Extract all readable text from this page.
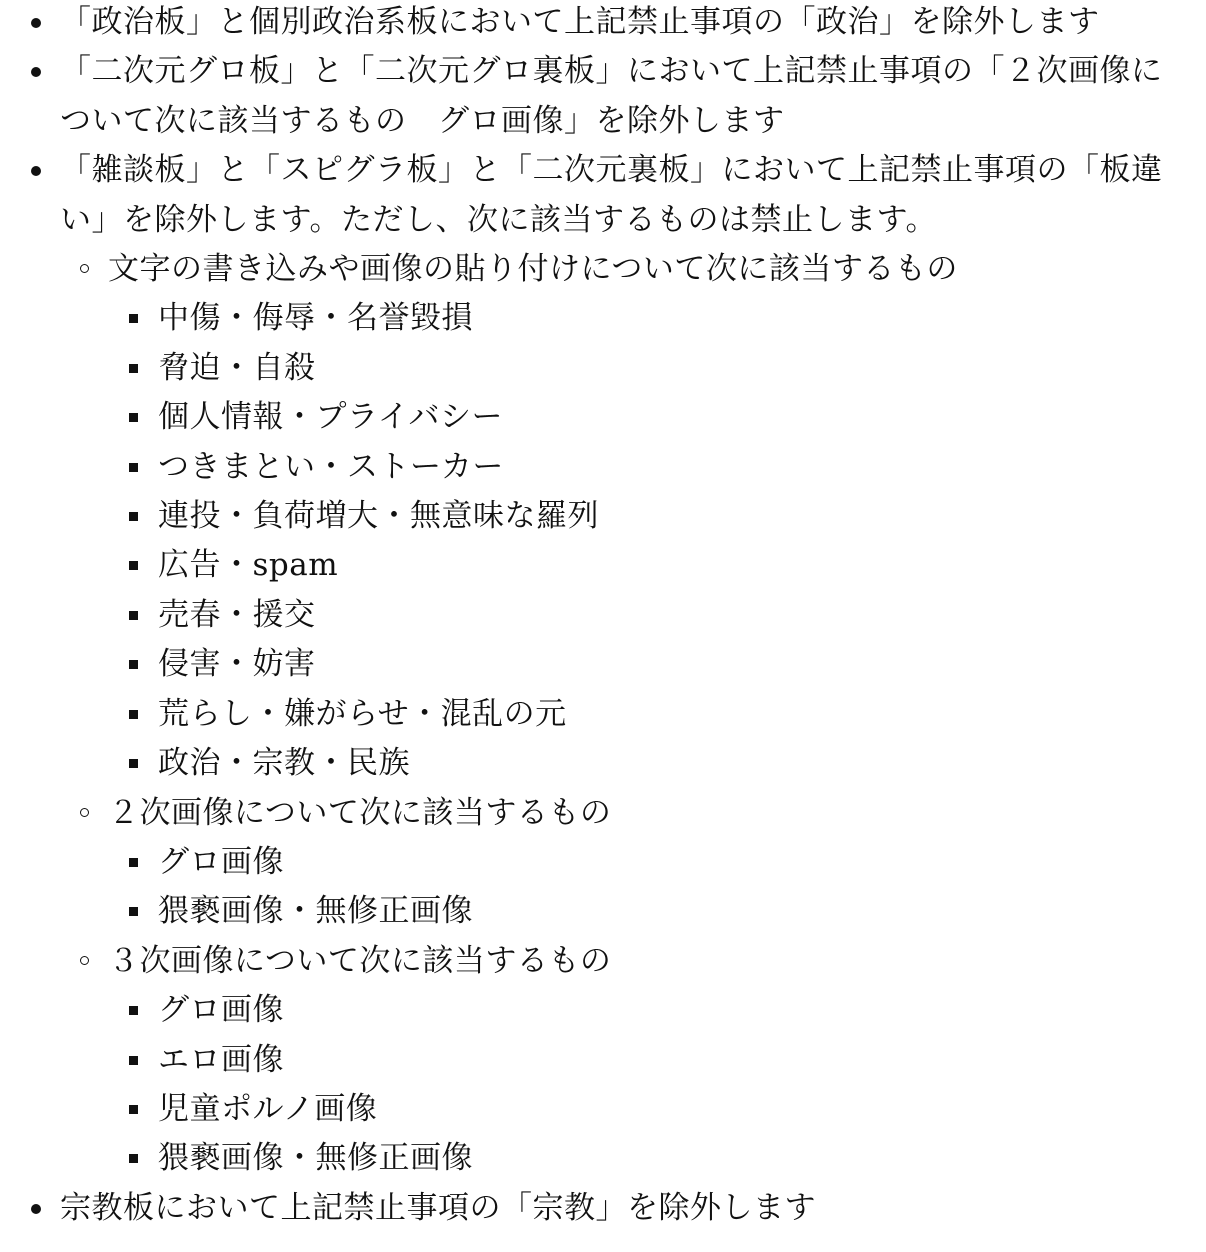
「政治板」と個別政治系板において上記禁止事項の「政治」を除外します
「二次元グロ板」と「二次元グロ裏板」において上記禁止事項の「２次画像について次に該当するもの　グロ画像」を除外します
「雑談板」と「スピグラ板」と「二次元裏板」において上記禁止事項の「板違い」を除外します。ただし、次に該当するものは禁止します。
文字の書き込みや画像の貼り付けについて次に該当するもの
中傷・侮辱・名誉毀損
脅迫・自殺
個人情報・プライバシー
つきまとい・ストーカー
連投・負荷増大・無意味な羅列
広告・spam
売春・援交
侵害・妨害
荒らし・嫌がらせ・混乱の元
政治・宗教・民族
２次画像について次に該当するもの
グロ画像
猥褻画像・無修正画像
３次画像について次に該当するもの
グロ画像
エロ画像
児童ポルノ画像
猥褻画像・無修正画像
宗教板において上記禁止事項の「宗教」を除外します
